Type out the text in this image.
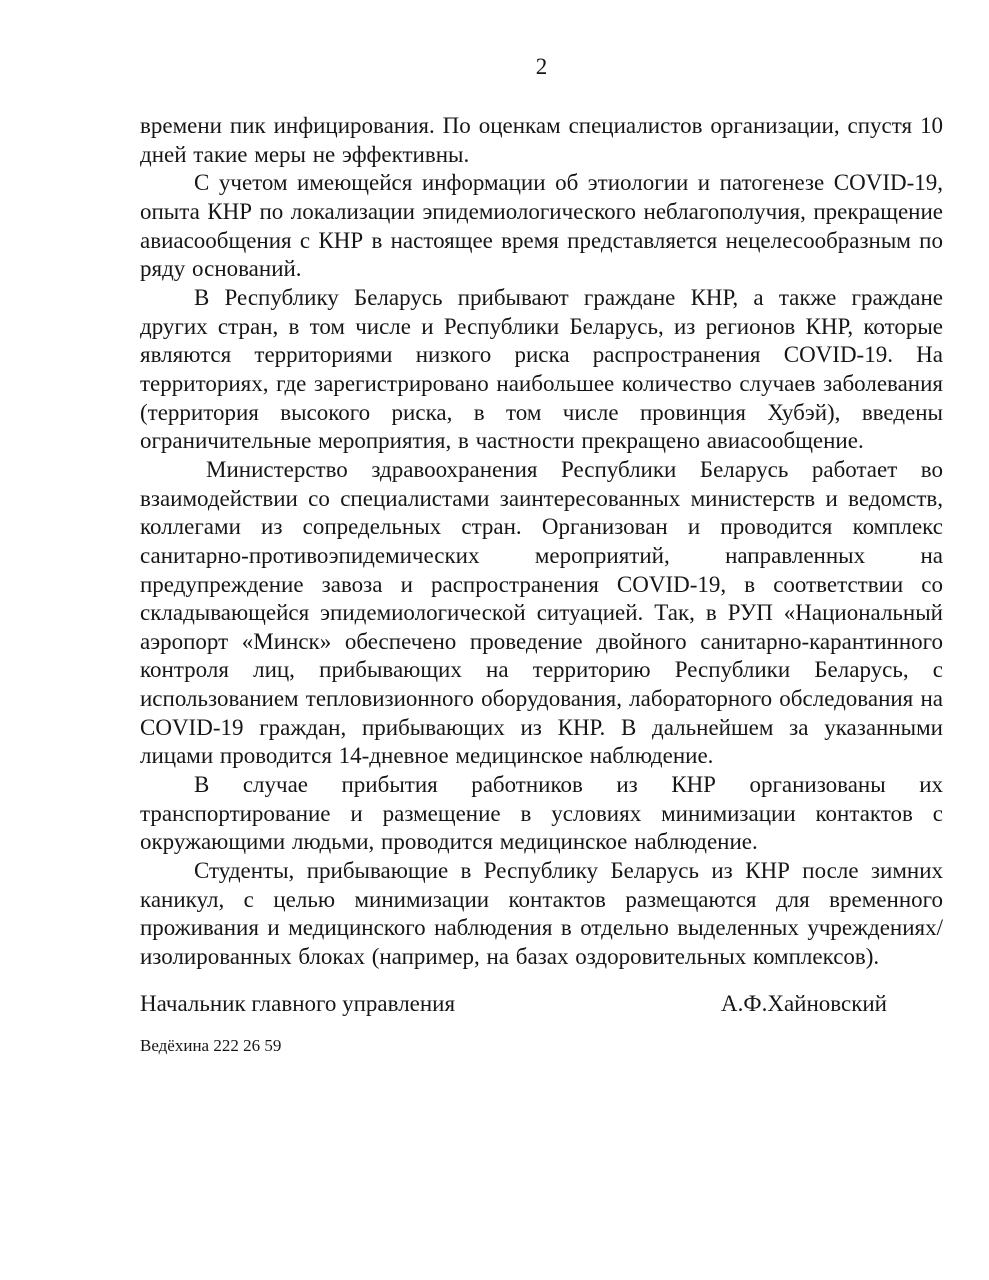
2

времени пик инфицирования. По оценкам специалистов организации, спустя 10 дней такие меры не эффективны.

С учетом имеющейся информации об этиологии и патогенезе COVID-19, опыта КНР по локализации эпидемиологического неблагополучия, прекращение авиасообщения с КНР в настоящее время представляется нецелесообразным по ряду оснований.

В Республику Беларусь прибывают граждане КНР, а также граждане других стран, в том числе и Республики Беларусь, из регионов КНР, которые являются территориями низкого риска распространения COVID-19. На территориях, где зарегистрировано наибольшее количество случаев заболевания (территория высокого риска, в том числе провинция Хубэй), введены ограничительные мероприятия, в частности прекращено авиасообщение.

Министерство здравоохранения Республики Беларусь работает во взаимодействии со специалистами заинтересованных министерств и ведомств, коллегами из сопредельных стран. Организован и проводится комплекс санитарно-противоэпидемических мероприятий, направленных на предупреждение завоза и распространения COVID-19, в соответствии со складывающейся эпидемиологической ситуацией. Так, в РУП «Национальный аэропорт «Минск» обеспечено проведение двойного санитарно-карантинного контроля лиц, прибывающих на территорию Республики Беларусь, с использованием тепловизионного оборудования, лабораторного обследования на COVID-19 граждан, прибывающих из КНР. В дальнейшем за указанными лицами проводится 14-дневное медицинское наблюдение.

В случае прибытия работников из КНР организованы их транспортирование и размещение в условиях минимизации контактов с окружающими людьми, проводится медицинское наблюдение.

Студенты, прибывающие в Республику Беларусь из КНР после зимних каникул, с целью минимизации контактов размещаются для временного проживания и медицинского наблюдения в отдельно выделенных учреждениях/изолированных блоках (например, на базах оздоровительных комплексов).

Начальник главного управления	А.Ф.Хайновский
Ведёхина 222 26 59
